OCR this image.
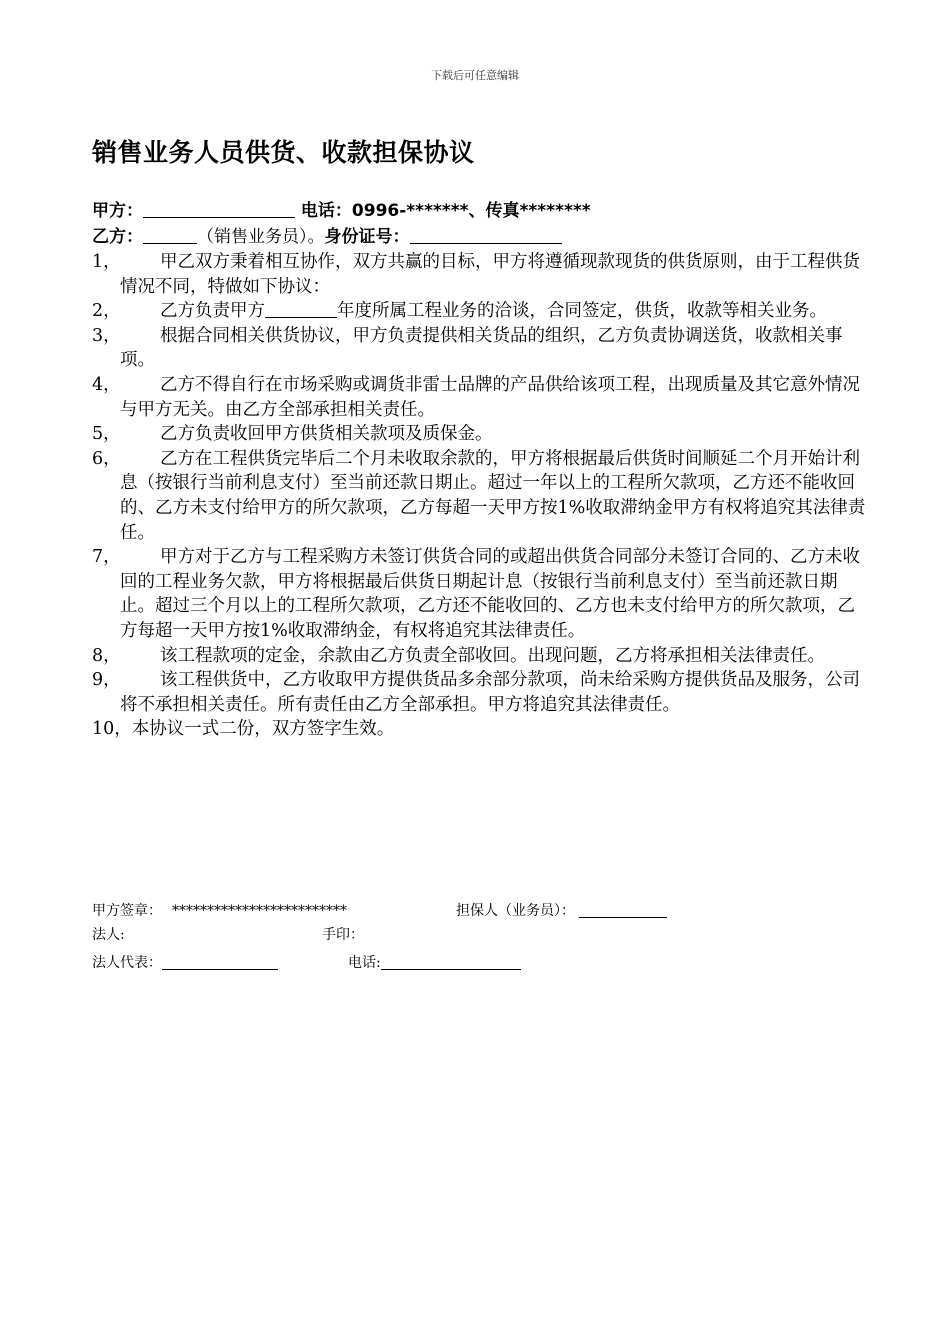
下载后可任意编辑
销售业务人员供货、收款担保协议
甲方：	电话：0996-*******、传真********
乙方：	（销售业务员）。身份证号：
1，	甲乙双方秉着相互协作，双方共赢的目标，甲方将遵循现款现货的供货原则，由于工程供货情况不同，特做如下协议：
2，	乙方负责甲方	年度所属工程业务的洽谈，合同签定，供货，收款等相关业务。
3，	根据合同相关供货协议，甲方负责提供相关货品的组织，乙方负责协调送货，收款相关事项。
4，	乙方不得自行在市场采购或调货非雷士品牌的产品供给该项工程，出现质量及其它意外情况与甲方无关。由乙方全部承担相关责任。
5，	乙方负责收回甲方供货相关款项及质保金。
6，	乙方在工程供货完毕后二个月未收取余款的，甲方将根据最后供货时间顺延二个月开始计利息（按银行当前利息支付）至当前还款日期止。超过一年以上的工程所欠款项，乙方还不能收回的、乙方未支付给甲方的所欠款项，乙方每超一天甲方按1%收取滞纳金甲方有权将追究其法律责任。
7，	甲方对于乙方与工程采购方未签订供货合同的或超出供货合同部分未签订合同的、乙方未收回的工程业务欠款，甲方将根据最后供货日期起计息（按银行当前利息支付）至当前还款日期止。超过三个月以上的工程所欠款项，乙方还不能收回的、乙方也未支付给甲方的所欠款项，乙方每超一天甲方按1%收取滞纳金，有权将追究其法律责任。
8，	该工程款项的定金，余款由乙方负责全部收回。出现问题，乙方将承担相关法律责任。
9，	该工程供货中，乙方收取甲方提供货品多余部分款项，尚未给采购方提供货品及服务，公司将不承担相关责任。所有责任由乙方全部承担。甲方将追究其法律责任。
10，本协议一式二份，双方签字生效。
甲方签章： *************************	担保人（业务员）：
法人:	手印：
法人代表：	电话:
